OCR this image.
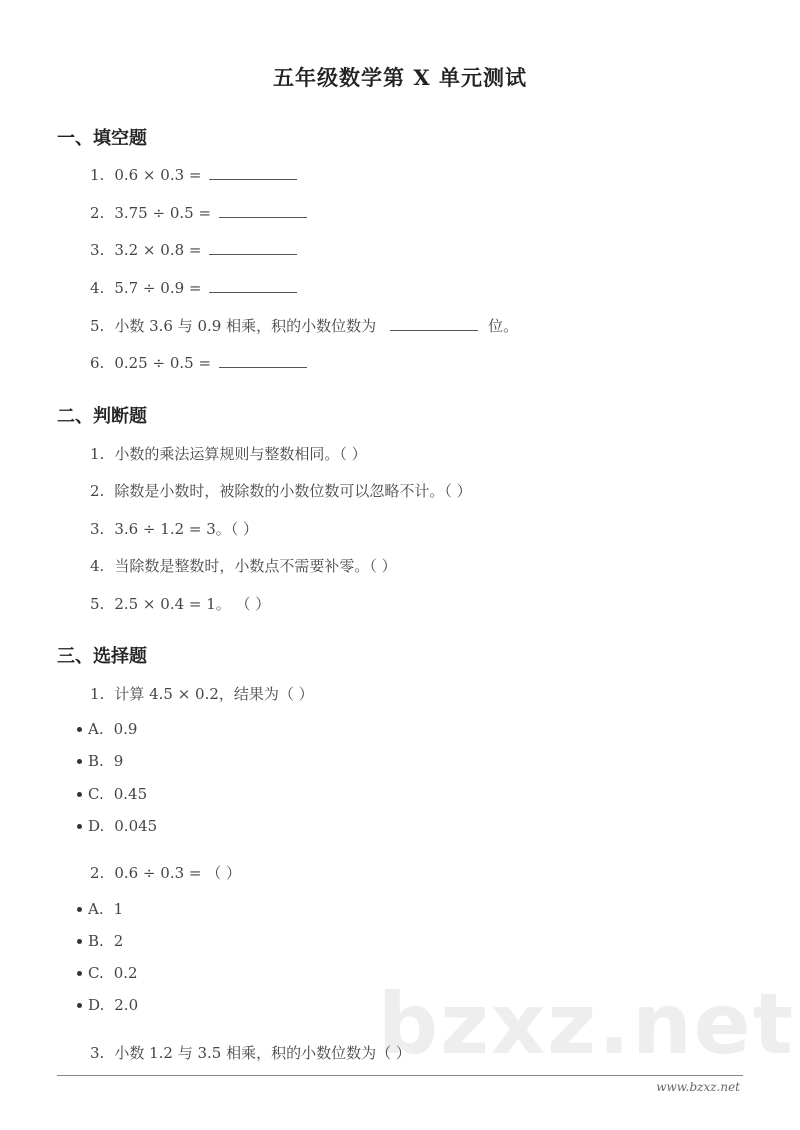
五年级数学第 X 单元测试
一、填空题
1. 0.6 × 0.3 =
2. 3.75 ÷ 0.5 =
3. 3.2 × 0.8 =
4. 5.7 ÷ 0.9 =
5. 小数 3.6 与 0.9 相乘，积的小数位数为	位。
6. 0.25 ÷ 0.5 =
二、判断题
1. 小数的乘法运算规则与整数相同。（ ）
2. 除数是小数时，被除数的小数位数可以忽略不计。（ ）
3. 3.6 ÷ 1.2 = 3。（ ）
4. 当除数是整数时，小数点不需要补零。（ ）
5. 2.5 × 0.4 = 1。 （ ）
三、选择题
1. 计算 4.5 × 0.2，结果为（ ）
A. 0.9
B. 9
C. 0.45
D. 0.045
2. 0.6 ÷ 0.3 = （ ）
A. 1
B. 2
C. 0.2
D. 2.0	bzxz.net
3. 小数 1.2 与 3.5 相乘，积的小数位数为（ ）
www.bzxz.net
